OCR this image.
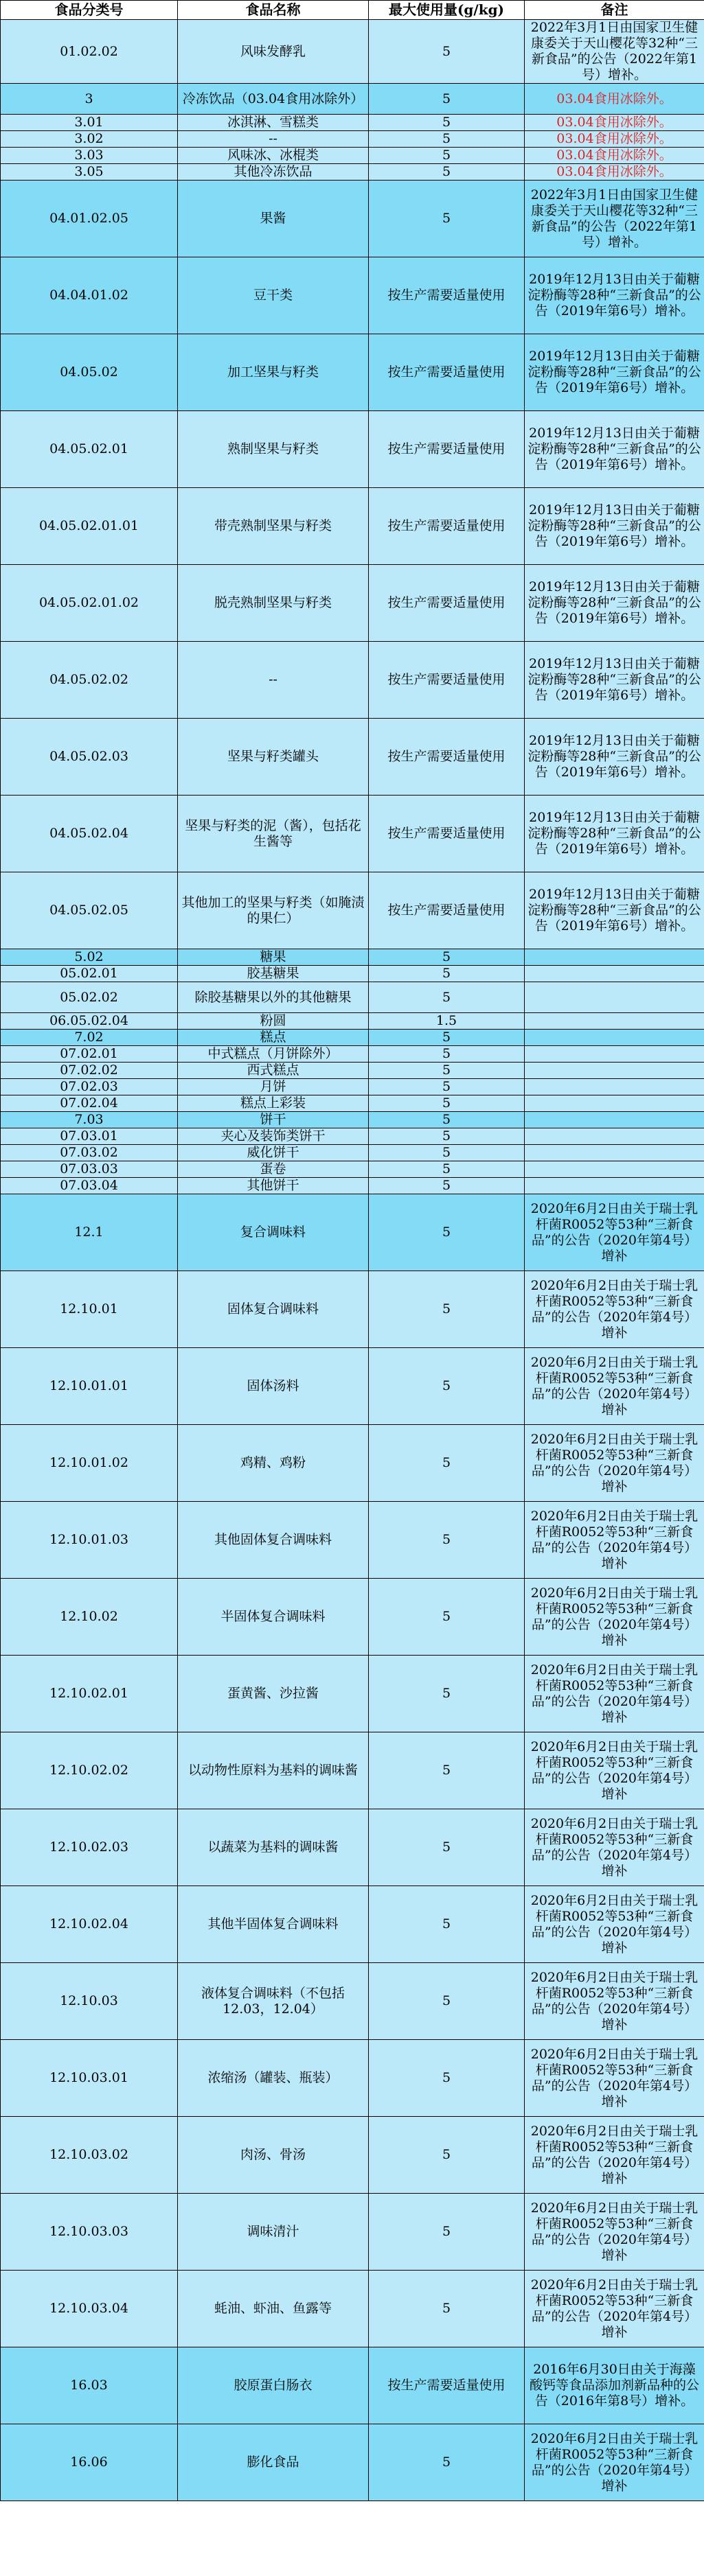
食品分类号	食品名称	最大使用量(g/kg)	备注
01.02.02	风味发酵乳	5	2022年3月1日由国家卫生健康委关于天山樱花等32种“三新食品”的公告（2022年第1号）增补。
3	冷冻饮品（03.04食用冰除外）	5	03.04食用冰除外。
3.01	冰淇淋、雪糕类	5	03.04食用冰除外。
3.02	--	5	03.04食用冰除外。
3.03	风味冰、冰棍类	5	03.04食用冰除外。
3.05	其他冷冻饮品	5	03.04食用冰除外。
04.01.02.05	果酱	5	2022年3月1日由国家卫生健康委关于天山樱花等32种“三新食品”的公告（2022年第1号）增补。
04.04.01.02	豆干类	按生产需要适量使用	2019年12月13日由关于葡糖淀粉酶等28种“三新食品”的公告（2019年第6号）增补。
04.05.02	加工坚果与籽类	按生产需要适量使用	2019年12月13日由关于葡糖淀粉酶等28种“三新食品”的公告（2019年第6号）增补。
04.05.02.01	熟制坚果与籽类	按生产需要适量使用	2019年12月13日由关于葡糖淀粉酶等28种“三新食品”的公告（2019年第6号）增补。
04.05.02.01.01	带壳熟制坚果与籽类	按生产需要适量使用	2019年12月13日由关于葡糖淀粉酶等28种“三新食品”的公告（2019年第6号）增补。
04.05.02.01.02	脱壳熟制坚果与籽类	按生产需要适量使用	2019年12月13日由关于葡糖淀粉酶等28种“三新食品”的公告（2019年第6号）增补。
04.05.02.02	--	按生产需要适量使用	2019年12月13日由关于葡糖淀粉酶等28种“三新食品”的公告（2019年第6号）增补。
04.05.02.03	坚果与籽类罐头	按生产需要适量使用	2019年12月13日由关于葡糖淀粉酶等28种“三新食品”的公告（2019年第6号）增补。
04.05.02.04	坚果与籽类的泥（酱），包括花生酱等	按生产需要适量使用	2019年12月13日由关于葡糖淀粉酶等28种“三新食品”的公告（2019年第6号）增补。
04.05.02.05	其他加工的坚果与籽类（如腌渍的果仁）	按生产需要适量使用	2019年12月13日由关于葡糖淀粉酶等28种“三新食品”的公告（2019年第6号）增补。
5.02	糖果	5	
05.02.01	胶基糖果	5	
05.02.02	除胶基糖果以外的其他糖果	5	
06.05.02.04	粉圆	1.5	
7.02	糕点	5	
07.02.01	中式糕点（月饼除外）	5	
07.02.02	西式糕点	5	
07.02.03	月饼	5	
07.02.04	糕点上彩装	5	
7.03	饼干	5	
07.03.01	夹心及装饰类饼干	5	
07.03.02	威化饼干	5	
07.03.03	蛋卷	5	
07.03.04	其他饼干	5	
12.1	复合调味料	5	2020年6月2日由关于瑞士乳杆菌R0052等53种“三新食品”的公告（2020年第4号）增补
12.10.01	固体复合调味料	5	2020年6月2日由关于瑞士乳杆菌R0052等53种“三新食品”的公告（2020年第4号）增补
12.10.01.01	固体汤料	5	2020年6月2日由关于瑞士乳杆菌R0052等53种“三新食品”的公告（2020年第4号）增补
12.10.01.02	鸡精、鸡粉	5	2020年6月2日由关于瑞士乳杆菌R0052等53种“三新食品”的公告（2020年第4号）增补
12.10.01.03	其他固体复合调味料	5	2020年6月2日由关于瑞士乳杆菌R0052等53种“三新食品”的公告（2020年第4号）增补
12.10.02	半固体复合调味料	5	2020年6月2日由关于瑞士乳杆菌R0052等53种“三新食品”的公告（2020年第4号）增补
12.10.02.01	蛋黄酱、沙拉酱	5	2020年6月2日由关于瑞士乳杆菌R0052等53种“三新食品”的公告（2020年第4号）增补
12.10.02.02	以动物性原料为基料的调味酱	5	2020年6月2日由关于瑞士乳杆菌R0052等53种“三新食品”的公告（2020年第4号）增补
12.10.02.03	以蔬菜为基料的调味酱	5	2020年6月2日由关于瑞士乳杆菌R0052等53种“三新食品”的公告（2020年第4号）增补
12.10.02.04	其他半固体复合调味料	5	2020年6月2日由关于瑞士乳杆菌R0052等53种“三新食品”的公告（2020年第4号）增补
12.10.03	液体复合调味料（不包括12.03，12.04）	5	2020年6月2日由关于瑞士乳杆菌R0052等53种“三新食品”的公告（2020年第4号）增补
12.10.03.01	浓缩汤（罐装、瓶装）	5	2020年6月2日由关于瑞士乳杆菌R0052等53种“三新食品”的公告（2020年第4号）增补
12.10.03.02	肉汤、骨汤	5	2020年6月2日由关于瑞士乳杆菌R0052等53种“三新食品”的公告（2020年第4号）增补
12.10.03.03	调味清汁	5	2020年6月2日由关于瑞士乳杆菌R0052等53种“三新食品”的公告（2020年第4号）增补
12.10.03.04	蚝油、虾油、鱼露等	5	2020年6月2日由关于瑞士乳杆菌R0052等53种“三新食品”的公告（2020年第4号）增补
16.03	胶原蛋白肠衣	按生产需要适量使用	2016年6月30日由关于海藻酸钙等食品添加剂新品种的公告（2016年第8号）增补。
16.06	膨化食品	5	2020年6月2日由关于瑞士乳杆菌R0052等53种“三新食品”的公告（2020年第4号）增补
